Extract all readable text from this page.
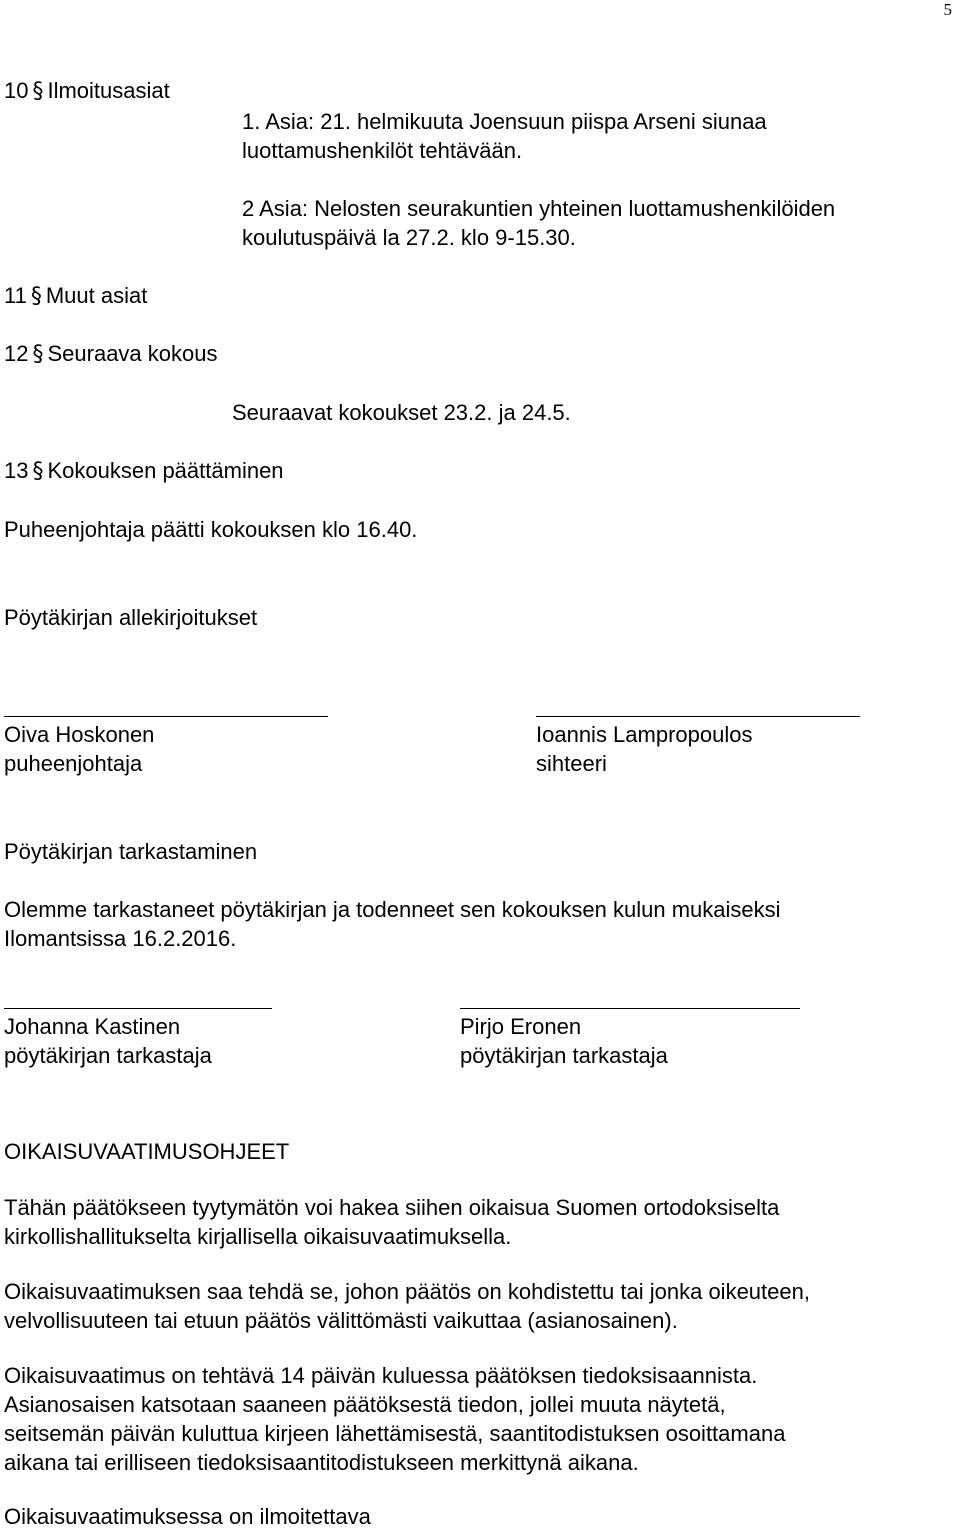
5
10 § Ilmoitusasiat
11 § Muut asiat
12 § Seuraava kokous
13 § Kokouksen päättäminen
1. Asia: 21. helmikuuta Joensuun piispa Arseni siunaa
luottamushenkilöt tehtävään.
2 Asia: Nelosten seurakuntien yhteinen luottamushenkilöiden
koulutuspäivä la 27.2. klo 9-15.30.
Seuraavat kokoukset 23.2. ja 24.5.
Puheenjohtaja päätti kokouksen klo 16.40.
Pöytäkirjan allekirjoitukset
Oiva Hoskonen
puheenjohtaja
Ioannis Lampropoulos
sihteeri
Pöytäkirjan tarkastaminen
Olemme tarkastaneet pöytäkirjan ja todenneet sen kokouksen kulun mukaiseksi
Ilomantsissa 16.2.2016.
Johanna Kastinen
pöytäkirjan tarkastaja
Pirjo Eronen
pöytäkirjan tarkastaja
OIKAISUVAATIMUSOHJEET
Tähän päätökseen tyytymätön voi hakea siihen oikaisua Suomen ortodoksiselta
kirkollishallitukselta kirjallisella oikaisuvaatimuksella.
Oikaisuvaatimuksen saa tehdä se, johon päätös on kohdistettu tai jonka oikeuteen,
velvollisuuteen tai etuun päätös välittömästi vaikuttaa (asianosainen).
Oikaisuvaatimus on tehtävä 14 päivän kuluessa päätöksen tiedoksisaannista.
Asianosaisen katsotaan saaneen päätöksestä tiedon, jollei muuta näytetä,
seitsemän päivän kuluttua kirjeen lähettämisestä, saantitodistuksen osoittamana
aikana tai erilliseen tiedoksisaantitodistukseen merkittynä aikana.
Oikaisuvaatimuksessa on ilmoitettava
